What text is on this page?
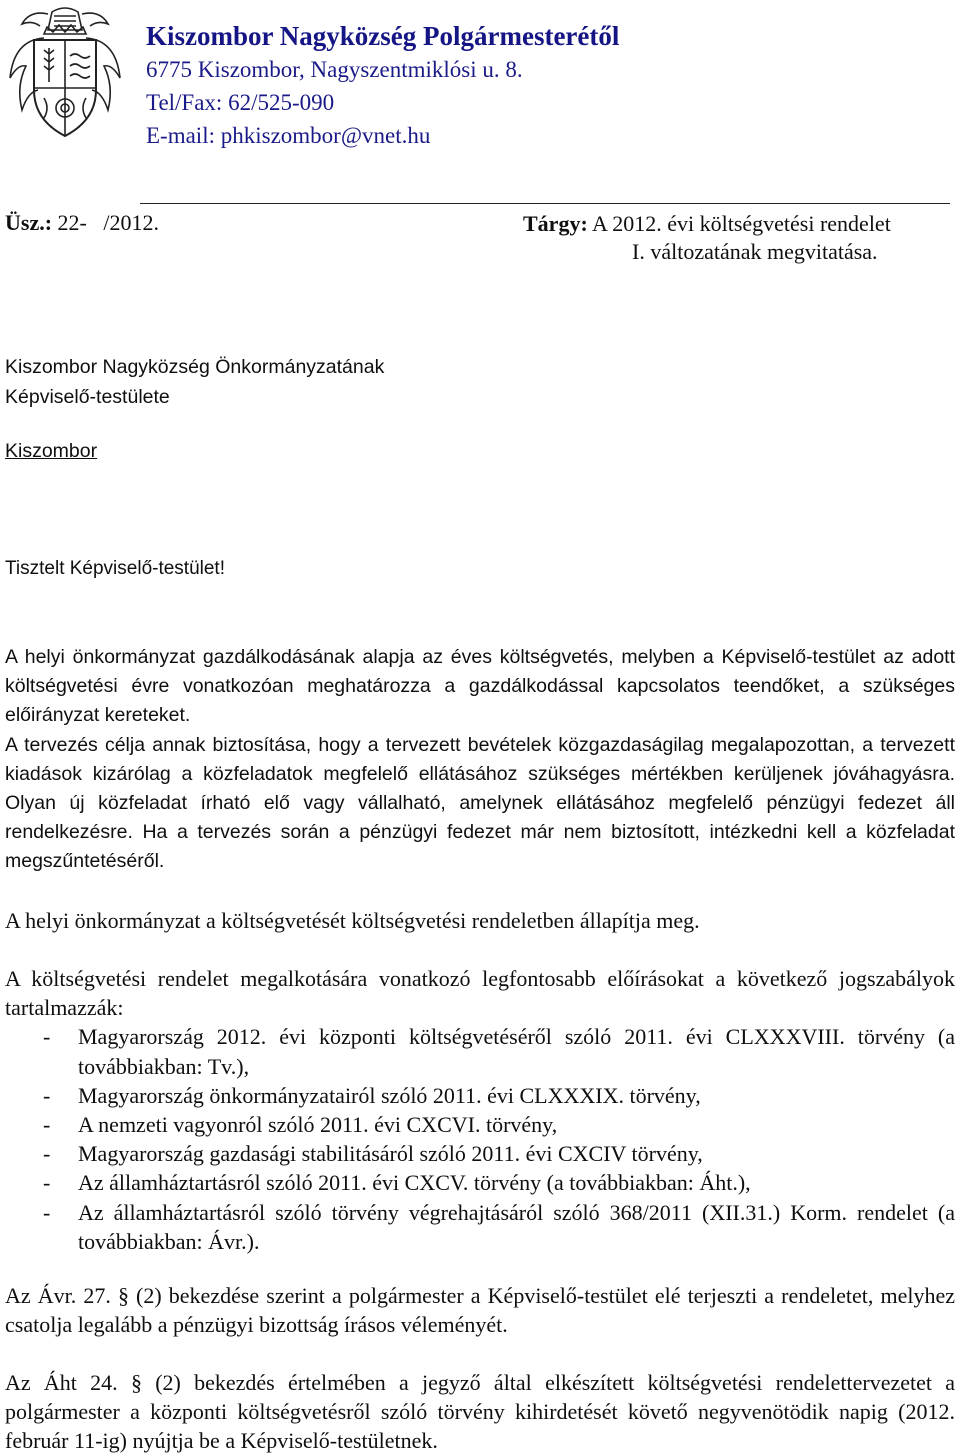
Kiszombor Nagyközség Polgármesterétől
6775 Kiszombor, Nagyszentmiklósi u. 8.
Tel/Fax: 62/525-090
E-mail: phkiszombor@vnet.hu
Üsz.: 22-   /2012.	Tárgy: A 2012. évi költségvetési rendelet
I. változatának megvitatása.
Kiszombor Nagyközség Önkormányzatának
Képviselő-testülete
Kiszombor
Tisztelt Képviselő-testület!

A helyi önkormányzat gazdálkodásának alapja az éves költségvetés, melyben a Képviselő-testület az adott költségvetési évre vonatkozóan meghatározza a gazdálkodással kapcsolatos teendőket, a szükséges előirányzat kereteket.

A tervezés célja annak biztosítása, hogy a tervezett bevételek közgazdaságilag megalapozottan, a tervezett kiadások kizárólag a közfeladatok megfelelő ellátásához szükséges mértékben kerüljenek jóváhagyásra. Olyan új közfeladat írható elő vagy vállalható, amelynek ellátásához megfelelő pénzügyi fedezet áll rendelkezésre. Ha a tervezés során a pénzügyi fedezet már nem biztosított, intézkedni kell a közfeladat megszűntetéséről.

A helyi önkormányzat a költségvetését költségvetési rendeletben állapítja meg.

A költségvetési rendelet megalkotására vonatkozó legfontosabb előírásokat a következő jogszabályok tartalmazzák:

- Magyarország 2012. évi központi költségvetéséről szóló 2011. évi CLXXXVIII. törvény (a továbbiakban: Tv.),
- Magyarország önkormányzatairól szóló 2011. évi CLXXXIX. törvény,
- A nemzeti vagyonról szóló 2011. évi CXCVI. törvény,
- Magyarország gazdasági stabilitásáról szóló 2011. évi CXCIV törvény,
- Az államháztartásról szóló 2011. évi CXCV. törvény (a továbbiakban: Áht.),
- Az államháztartásról szóló törvény végrehajtásáról szóló 368/2011 (XII.31.) Korm. rendelet (a továbbiakban: Ávr.).

Az Ávr. 27. § (2) bekezdése szerint a polgármester a Képviselő-testület elé terjeszti a rendeletet, melyhez csatolja legalább a pénzügyi bizottság írásos véleményét.

Az Áht 24. § (2) bekezdés értelmében a jegyző által elkészített költségvetési rendelettervezetet a polgármester a központi költségvetésről szóló törvény kihirdetését követő negyvenötödik napig (2012. február 11-ig) nyújtja be a Képviselő-testületnek.
